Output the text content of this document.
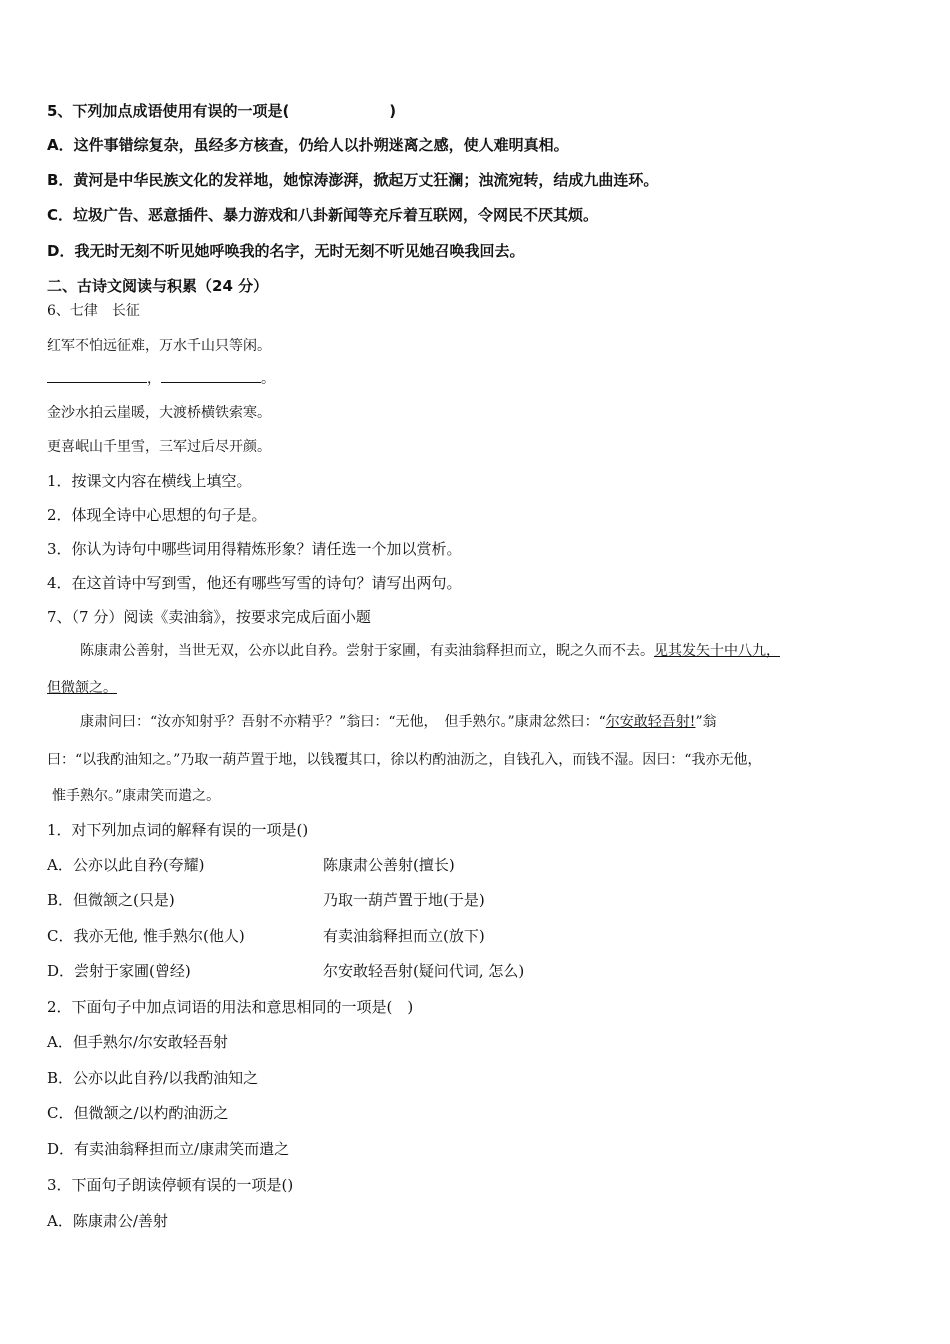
5、下列加点成语使用有误的一项是(	)
A．这件事错综复杂，虽经多方核查，仍给人以扑朔迷离之感，使人难明真相。
B．黄河是中华民族文化的发祥地，她惊涛澎湃，掀起万丈狂澜；浊流宛转，结成九曲连环。
C．垃圾广告、恶意插件、暴力游戏和八卦新闻等充斥着互联网，令网民不厌其烦。
D．我无时无刻不听见她呼唤我的名字，无时无刻不听见她召唤我回去。
二、古诗文阅读与积累（24 分）
6、七律　长征
红军不怕远征难，万水千山只等闲。
，	。
金沙水拍云崖暖，大渡桥横铁索寒。
更喜岷山千里雪，三军过后尽开颜。
1．按课文内容在横线上填空。
2．体现全诗中心思想的句子是。
3．你认为诗句中哪些词用得精炼形象？请任选一个加以赏析。
4．在这首诗中写到雪，他还有哪些写雪的诗句？请写出两句。
7、（7 分）阅读《卖油翁》，按要求完成后面小题
陈康肃公善射，当世无双，公亦以此自矜。尝射于家圃，有卖油翁释担而立，睨之久而不去。见其发矢十中八九，
但微颔之。
康肃问曰：“汝亦知射乎？吾射不亦精乎？”翁曰：“无他，　但手熟尔。”康肃忿然曰：“尔安敢轻吾射!”翁
曰：“以我酌油知之。”乃取一葫芦置于地，以钱覆其口，徐以杓酌油沥之，自钱孔入，而钱不湿。因曰：“我亦无他，
惟手熟尔。”康肃笑而遣之。
1．对下列加点词的解释有误的一项是()
A．公亦以此自矜(夸耀)	陈康肃公善射(擅长)
B．但微颔之(只是)	乃取一葫芦置于地(于是)
C．我亦无他, 惟手熟尔(他人)	有卖油翁释担而立(放下)
D．尝射于家圃(曾经)	尔安敢轻吾射(疑问代词, 怎么)
2．下面句子中加点词语的用法和意思相同的一项是(　)
A．但手熟尔/尔安敢轻吾射
B．公亦以此自矜/以我酌油知之
C．但微颔之/以杓酌油沥之
D．有卖油翁释担而立/康肃笑而遣之
3．下面句子朗读停顿有误的一项是()
A．陈康肃公/善射
